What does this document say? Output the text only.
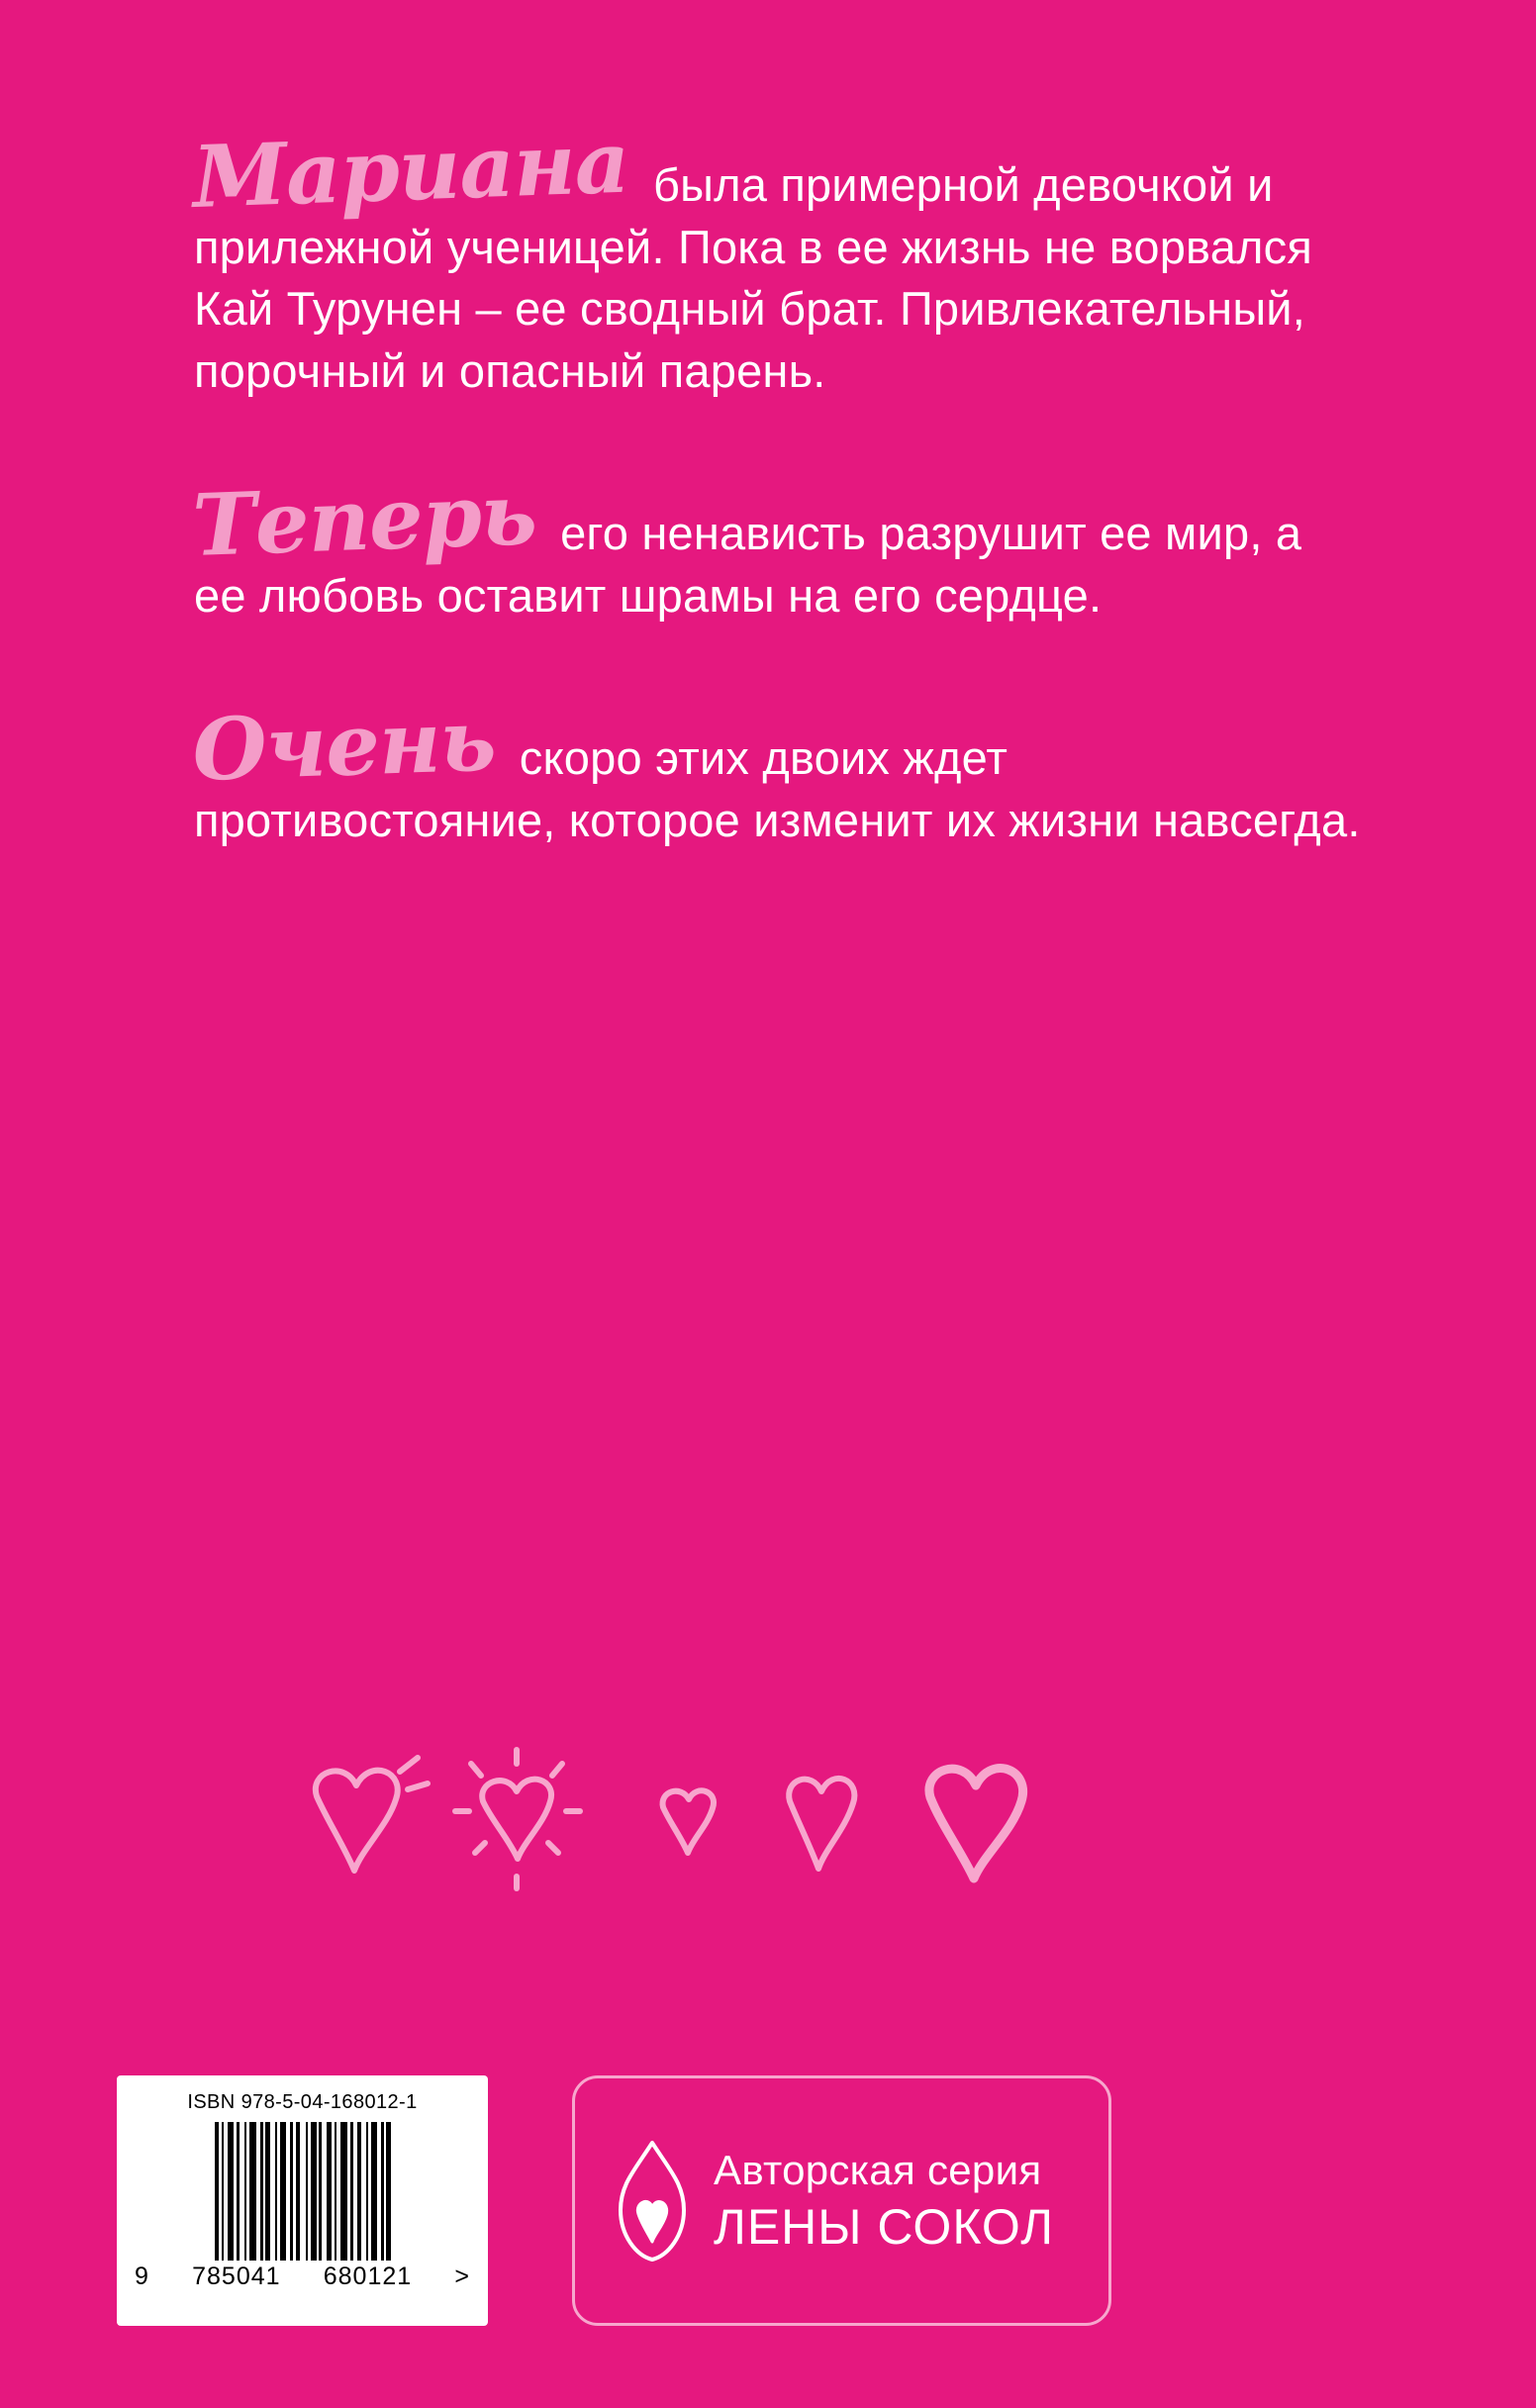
Мариана была примерной девочкой и прилежной ученицей. Пока в ее жизнь не ворвался Кай Турунен – ее сводный брат. Привлекательный, порочный и опасный парень.

Теперь его ненависть разрушит ее мир, а ее любовь оставит шрамы на его сердце.

Очень скоро этих двоих ждет противостояние, которое изменит их жизни навсегда.

ISBN 978-5-04-168012-1
9 785041 680121 >
Авторская серия
ЛЕНЫ СОКОЛ
